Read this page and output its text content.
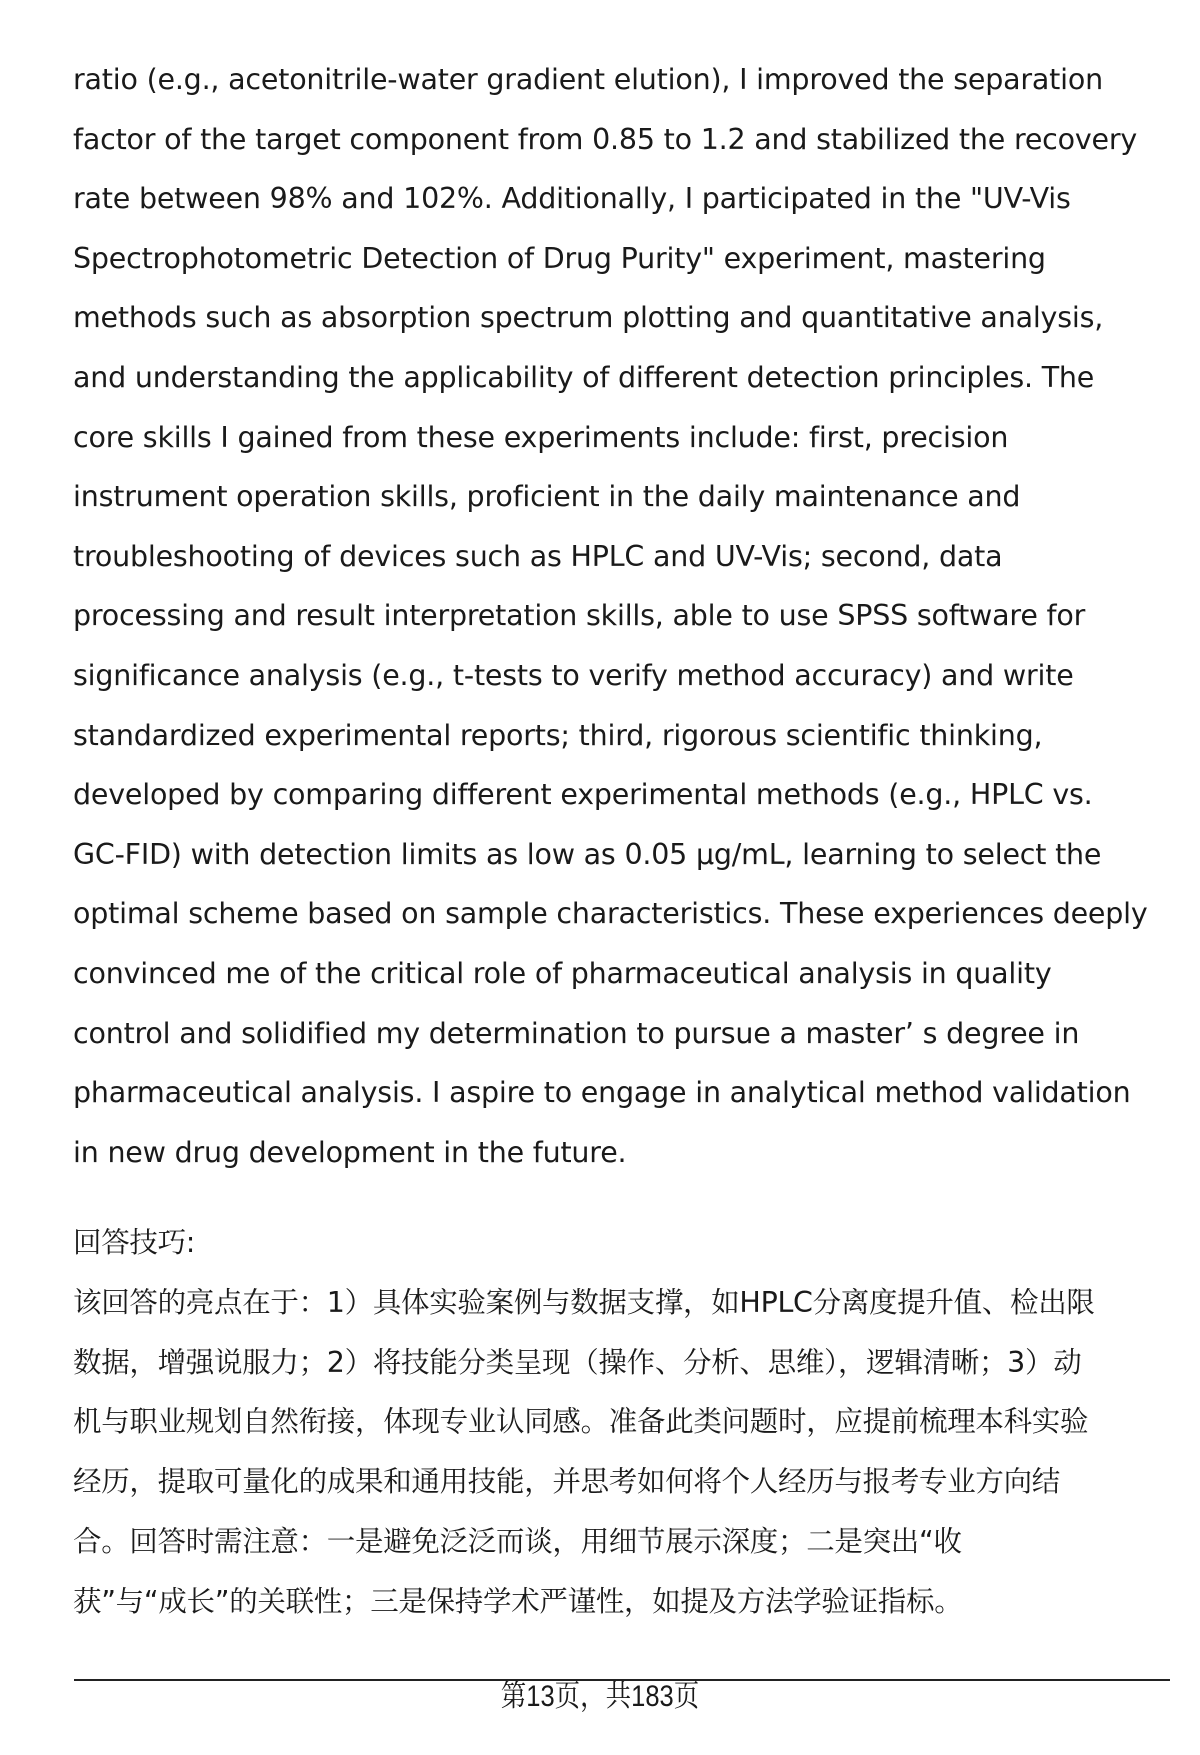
ratio (e.g., acetonitrile-water gradient elution), I improved the separation
factor of the target component from 0.85 to 1.2 and stabilized the recovery
rate between 98% and 102%. Additionally, I participated in the "UV-Vis
Spectrophotometric Detection of Drug Purity" experiment, mastering
methods such as absorption spectrum plotting and quantitative analysis,
and understanding the applicability of different detection principles. The
core skills I gained from these experiments include: first, precision
instrument operation skills, proficient in the daily maintenance and
troubleshooting of devices such as HPLC and UV-Vis; second, data
processing and result interpretation skills, able to use SPSS software for
significance analysis (e.g., t-tests to verify method accuracy) and write
standardized experimental reports; third, rigorous scientific thinking,
developed by comparing different experimental methods (e.g., HPLC vs.
GC-FID) with detection limits as low as 0.05 μg/mL, learning to select the
optimal scheme based on sample characteristics. These experiences deeply
convinced me of the critical role of pharmaceutical analysis in quality
control and solidified my determination to pursue a master’ s degree in
pharmaceutical analysis. I aspire to engage in analytical method validation
in new drug development in the future.
回答技巧:
该回答的亮点在于：1）具体实验案例与数据支撑，如HPLC分离度提升值、检出限
数据，增强说服力；2）将技能分类呈现（操作、分析、思维），逻辑清晰；3）动
机与职业规划自然衔接，体现专业认同感。准备此类问题时，应提前梳理本科实验
经历，提取可量化的成果和通用技能，并思考如何将个人经历与报考专业方向结
合。回答时需注意：一是避免泛泛而谈，用细节展示深度；二是突出“收
获”与“成长”的关联性；三是保持学术严谨性，如提及方法学验证指标。
第13页，共183页
